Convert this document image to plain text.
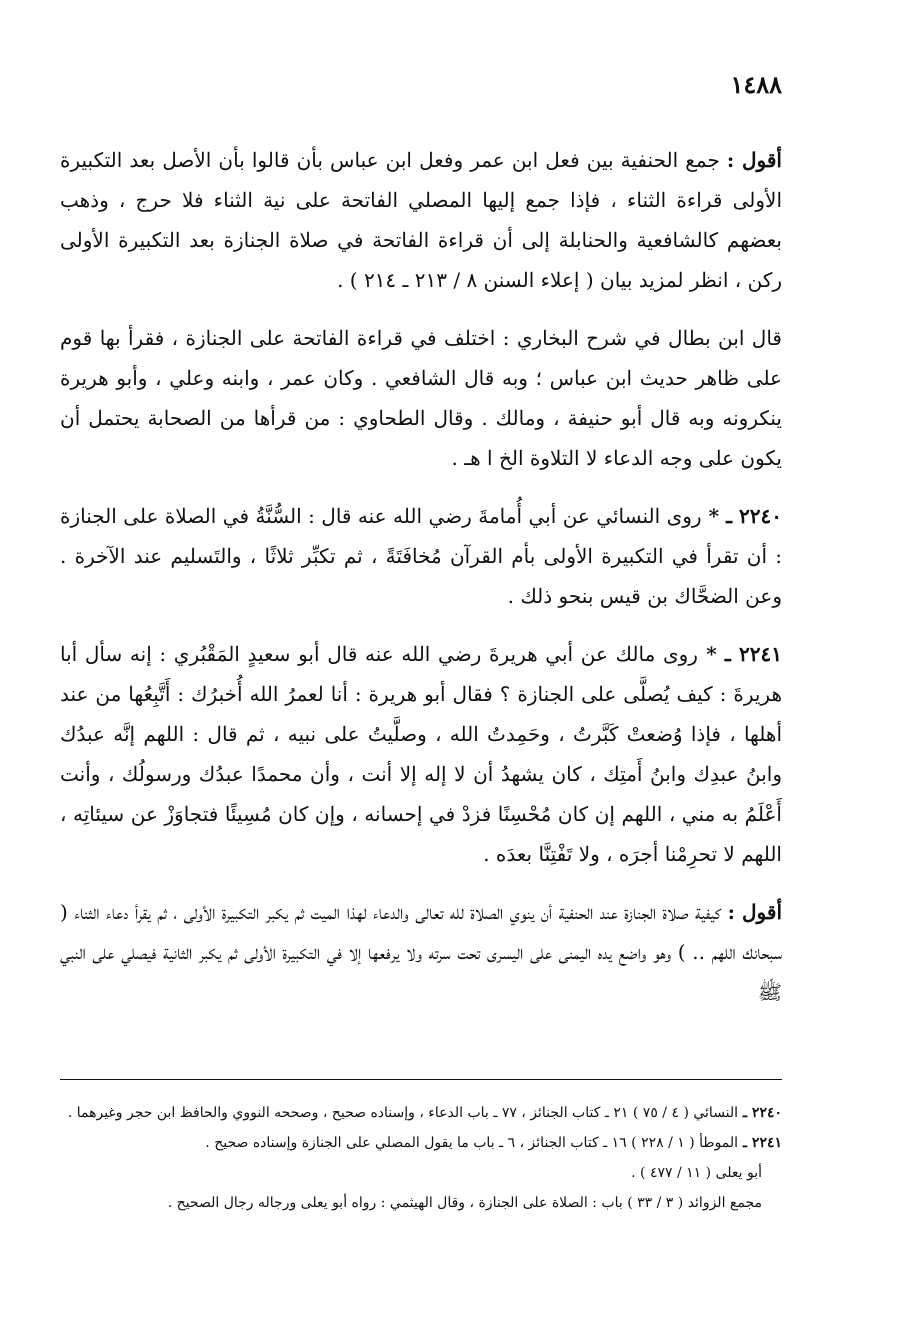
١٤٨٨

أقول : جمع الحنفية بين فعل ابن عمر وفعل ابن عباس بأن قالوا بأن الأصل بعد التكبيرة الأولى قراءة الثناء ، فإذا جمع إليها المصلي الفاتحة على نية الثناء فلا حرج ، وذهب بعضهم كالشافعية والحنابلة إلى أن قراءة الفاتحة في صلاة الجنازة بعد التكبيرة الأولى ركن ، انظر لمزيد بيان ( إعلاء السنن ٨ / ٢١٣ ـ ٢١٤ ) .

قال ابن بطال في شرح البخاري : اختلف في قراءة الفاتحة على الجنازة ، فقرأ بها قوم على ظاهر حديث ابن عباس ؛ وبه قال الشافعي . وكان عمر ، وابنه وعلي ، وأبو هريرة ينكرونه وبه قال أبو حنيفة ، ومالك . وقال الطحاوي : من قرأها من الصحابة يحتمل أن يكون على وجه الدعاء لا التلاوة الخ ا هـ .

٢٢٤٠ ـ * روى النسائي عن أبي أُمامةَ رضي الله عنه قال : السُّنَّةُ في الصلاة على الجنازة : أن تقرأ في التكبيرة الأولى بأم القرآن مُخافَتَةً ، ثم تكبِّر ثلاثًا ، والتَسليم عند الآخرة . وعن الضحَّاك بن قيس بنحو ذلك .

٢٢٤١ ـ * روى مالك عن أبي هريرةَ رضي الله عنه قال أبو سعيدٍ المَقْبُري : إنه سأل أبا هريرةَ : كيف يُصلَّى على الجنازة ؟ فقال أبو هريرة : أنا لعمرُ الله أُخبرُك : أَتَّبِعُها من عند أهلها ، فإذا وُضعتْ كَبَّرتُ ، وحَمِدتُ الله ، وصلَّيتُ على نبيه ، ثم قال : اللهم إنَّه عبدُك وابنُ عبدِك وابنُ أَمتِك ، كان يشهدُ أن لا إله إلا أنت ، وأن محمدًا عبدُك ورسولُك ، وأنت أَعْلَمُ به مني ، اللهم إن كان مُحْسِنًا فزدْ في إحسانه ، وإن كان مُسِيئًا فتجاوَزْ عن سيئاتِه ، اللهم لا تحرِمْنا أجرَه ، ولا تَفْتِنَّا بعدَه .

أقول : كيفية صلاة الجنازة عند الحنفية أن ينوي الصلاة لله تعالى والدعاء لهذا الميت ثم يكبر التكبيرة الأولى ، ثم يقرأ دعاء الثناء ( سبحانك اللهم .. ) وهو واضع يده اليمنى على اليسرى تحت سرته ولا يرفعها إلا في التكبيرة الأولى ثم يكبر الثانية فيصلي على النبي ﷺ

٢٢٤٠ ـ النسائي ( ٤ / ٧٥ ) ٢١ ـ كتاب الجنائز ، ٧٧ ـ باب الدعاء ، وإسناده صحيح ، وصححه النووي والحافظ ابن حجر وغيرهما .

٢٢٤١ ـ الموطأ ( ١ / ٢٢٨ ) ١٦ ـ كتاب الجنائز ، ٦ ـ باب ما يقول المصلي على الجنازة وإسناده صحيح .

أبو يعلى ( ١١ / ٤٧٧ ) .

مجمع الزوائد ( ٣ / ٣٣ ) باب : الصلاة على الجنازة ، وقال الهيثمي : رواه أبو يعلى ورجاله رجال الصحيح .
